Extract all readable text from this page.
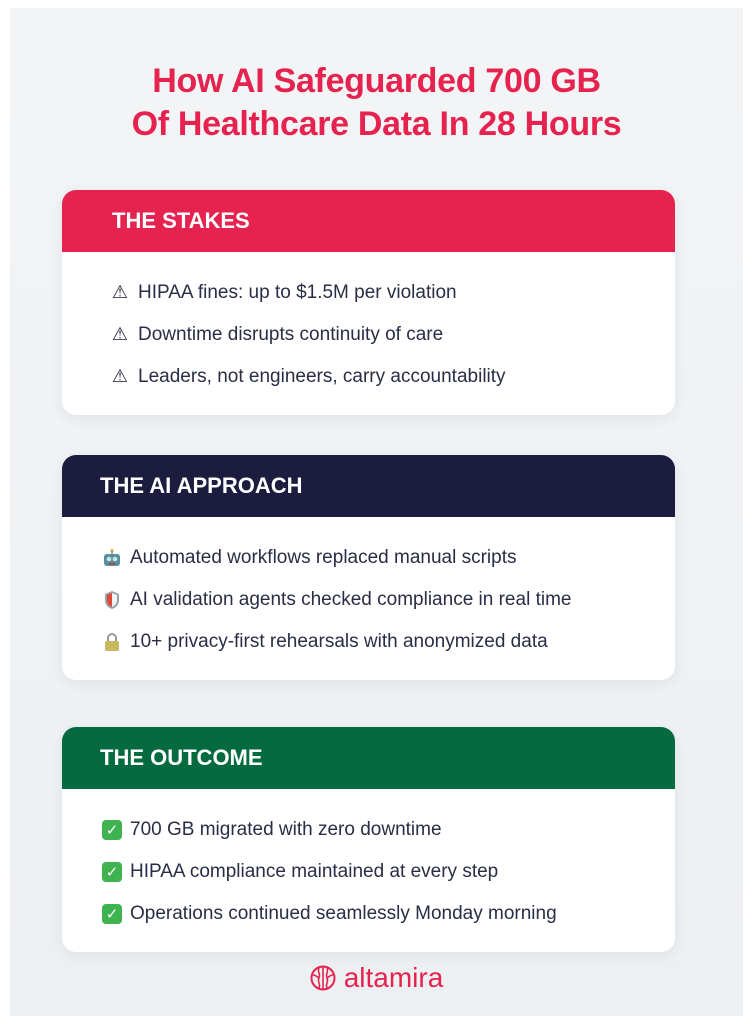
How AI Safeguarded 700 GB
Of Healthcare Data In 28 Hours
THE STAKES
⚠ HIPAA fines: up to $1.5M per violation
⚠ Downtime disrupts continuity of care
⚠ Leaders, not engineers, carry accountability
THE AI APPROACH
Automated workflows replaced manual scripts
AI validation agents checked compliance in real time
10+ privacy-first rehearsals with anonymized data
THE OUTCOME
✓ 700 GB migrated with zero downtime
✓ HIPAA compliance maintained at every step
✓ Operations continued seamlessly Monday morning
altamira
